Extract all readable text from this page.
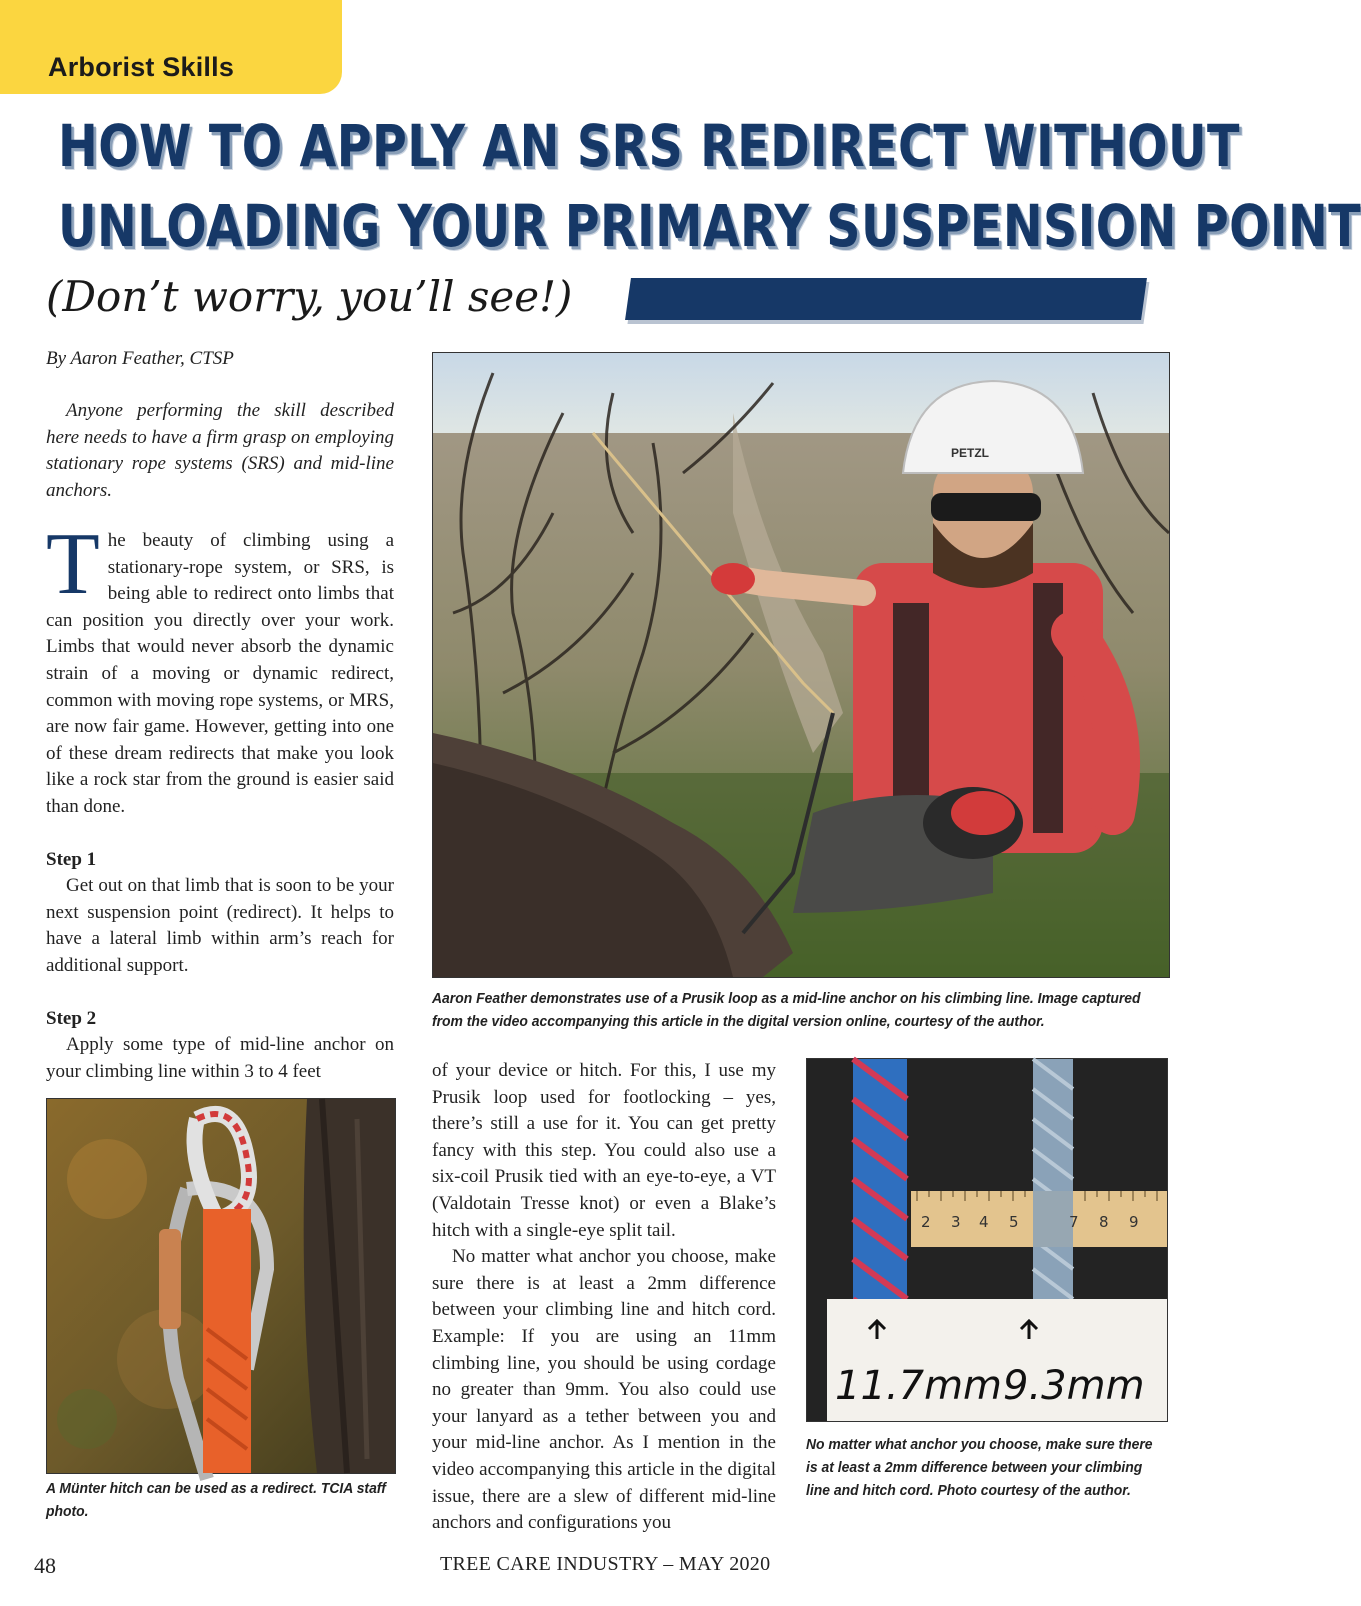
Arborist Skills
HOW TO APPLY AN SRS REDIRECT WITHOUT
UNLOADING YOUR PRIMARY SUSPENSION POINT
(Don’t worry, you’ll see!)
By Aaron Feather, CTSP

Anyone performing the skill described here needs to have a firm grasp on employing stationary rope systems (SRS) and mid-line anchors.

The beauty of climbing using a stationary-rope system, or SRS, is being able to redirect onto limbs that can position you directly over your work. Limbs that would never absorb the dynamic strain of a moving or dynamic redirect, common with moving rope systems, or MRS, are now fair game. However, getting into one of these dream redirects that make you look like a rock star from the ground is easier said than done.

Step 1

Get out on that limb that is soon to be your next suspension point (redirect). It helps to have a lateral limb within arm’s reach for additional support.

Step 2

Apply some type of mid-line anchor on your climbing line within 3 to 4 feet

PETZL
Aaron Feather demonstrates use of a Prusik loop as a mid-line anchor on his climbing line. Image captured from the video accompanying this article in the digital version online, courtesy of the author.
A Münter hitch can be used as a redirect. TCIA staff photo.
2 3 4 5	7 8 9
11.7mm 9.3mm
No matter what anchor you choose, make sure there is at least a 2mm difference between your climbing line and hitch cord. Photo courtesy of the author.

of your device or hitch. For this, I use my Prusik loop used for footlocking – yes, there’s still a use for it. You can get pretty fancy with this step. You could also use a six-coil Prusik tied with an eye-to-eye, a VT (Valdotain Tresse knot) or even a Blake’s hitch with a single-eye split tail.

No matter what anchor you choose, make sure there is at least a 2mm difference between your climbing line and hitch cord. Example: If you are using an 11mm climbing line, you should be using cordage no greater than 9mm. You also could use your lanyard as a tether between you and your mid-line anchor. As I mention in the video accompanying this article in the digital issue, there are a slew of different mid-line anchors and configurations you

48	TREE CARE INDUSTRY – MAY 2020
